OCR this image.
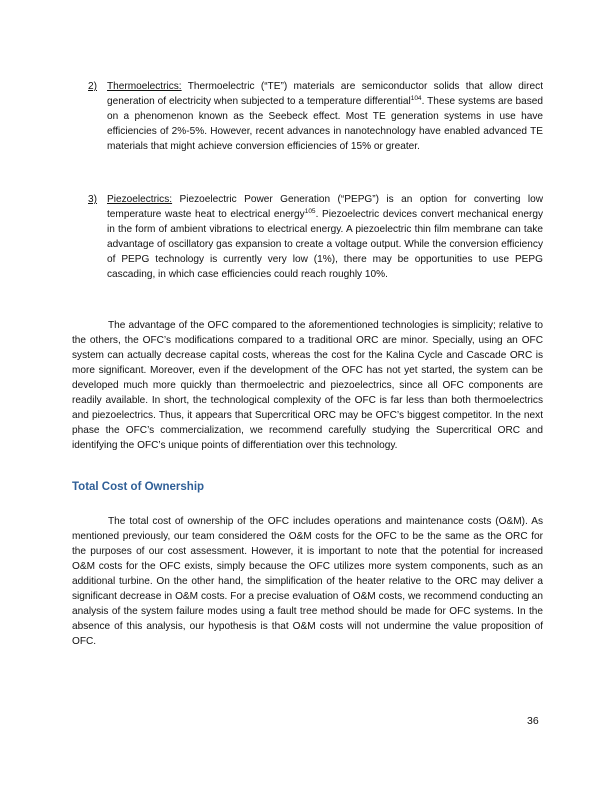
2) Thermoelectrics: Thermoelectric (“TE”) materials are semiconductor solids that allow direct generation of electricity when subjected to a temperature differential$^{104}$. These systems are based on a phenomenon known as the Seebeck effect. Most TE generation systems in use have efficiencies of 2%-5%. However, recent advances in nanotechnology have enabled advanced TE materials that might achieve conversion efficiencies of 15% or greater.
3) Piezoelectrics: Piezoelectric Power Generation (“PEPG”) is an option for converting low temperature waste heat to electrical energy$^{105}$. Piezoelectric devices convert mechanical energy in the form of ambient vibrations to electrical energy. A piezoelectric thin film membrane can take advantage of oscillatory gas expansion to create a voltage output. While the conversion efficiency of PEPG technology is currently very low (1%), there may be opportunities to use PEPG cascading, in which case efficiencies could reach roughly 10%.

The advantage of the OFC compared to the aforementioned technologies is simplicity; relative to the others, the OFC’s modifications compared to a traditional ORC are minor. Specially, using an OFC system can actually decrease capital costs, whereas the cost for the Kalina Cycle and Cascade ORC is more significant. Moreover, even if the development of the OFC has not yet started, the system can be developed much more quickly than thermoelectric and piezoelectrics, since all OFC components are readily available. In short, the technological complexity of the OFC is far less than both thermoelectrics and piezoelectrics. Thus, it appears that Supercritical ORC may be OFC’s biggest competitor. In the next phase the OFC’s commercialization, we recommend carefully studying the Supercritical ORC and identifying the OFC’s unique points of differentiation over this technology.

Total Cost of Ownership

The total cost of ownership of the OFC includes operations and maintenance costs (O&M). As mentioned previously, our team considered the O&M costs for the OFC to be the same as the ORC for the purposes of our cost assessment. However, it is important to note that the potential for increased O&M costs for the OFC exists, simply because the OFC utilizes more system components, such as an additional turbine. On the other hand, the simplification of the heater relative to the ORC may deliver a significant decrease in O&M costs. For a precise evaluation of O&M costs, we recommend conducting an analysis of the system failure modes using a fault tree method should be made for OFC systems. In the absence of this analysis, our hypothesis is that O&M costs will not undermine the value proposition of OFC.

36
